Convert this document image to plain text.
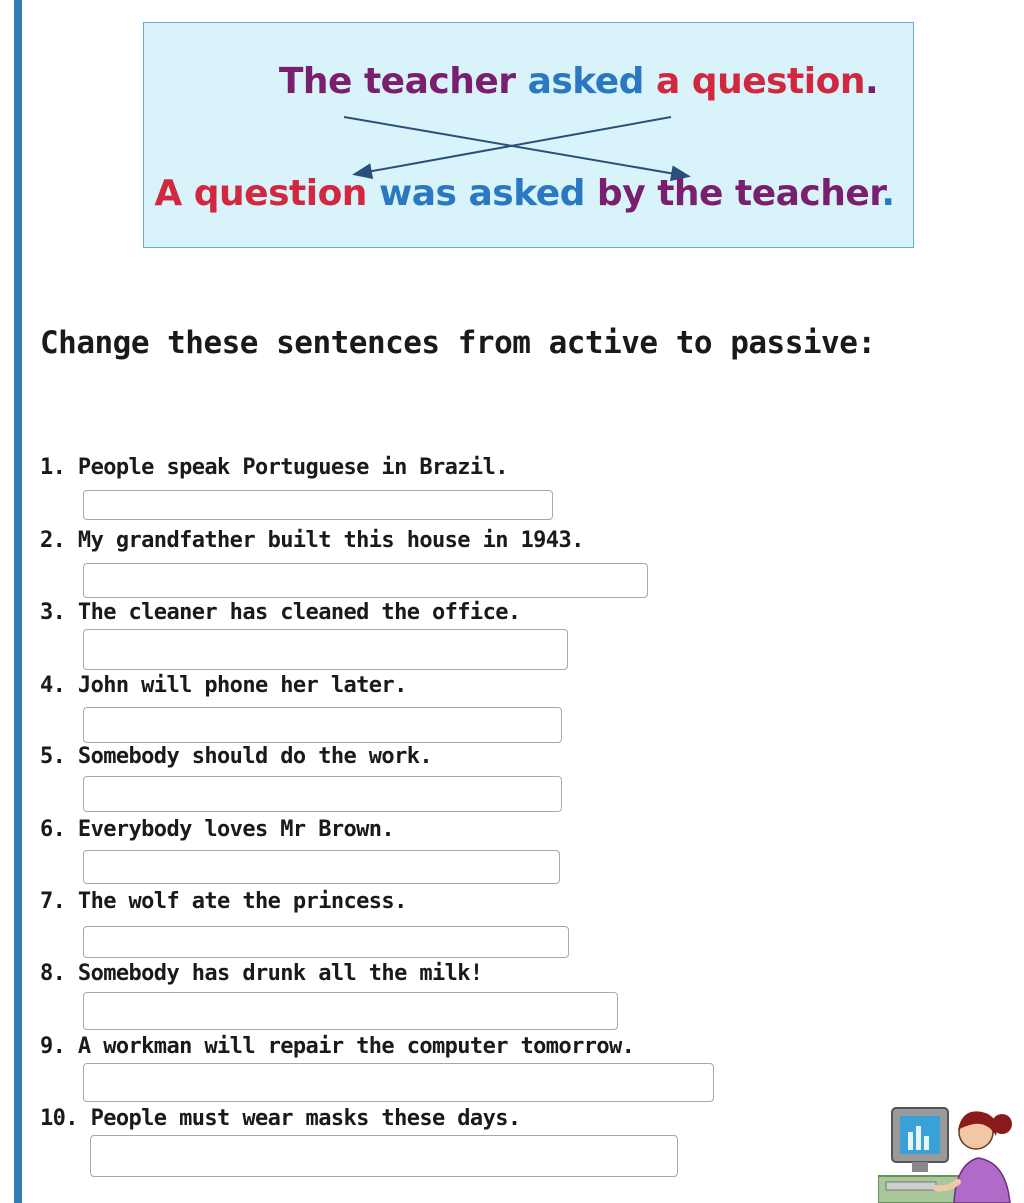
The teacher asked a question.
A question was asked by the teacher.
Change these sentences from active to passive:
1. People speak Portuguese in Brazil.
2. My grandfather built this house in 1943.
3. The cleaner has cleaned the office.
4. John will phone her later.
5. Somebody should do the work.
6. Everybody loves Mr Brown.
7. The wolf ate the princess.
8. Somebody has drunk all the milk!
9. A workman will repair the computer tomorrow.
10. People must wear masks these days.
